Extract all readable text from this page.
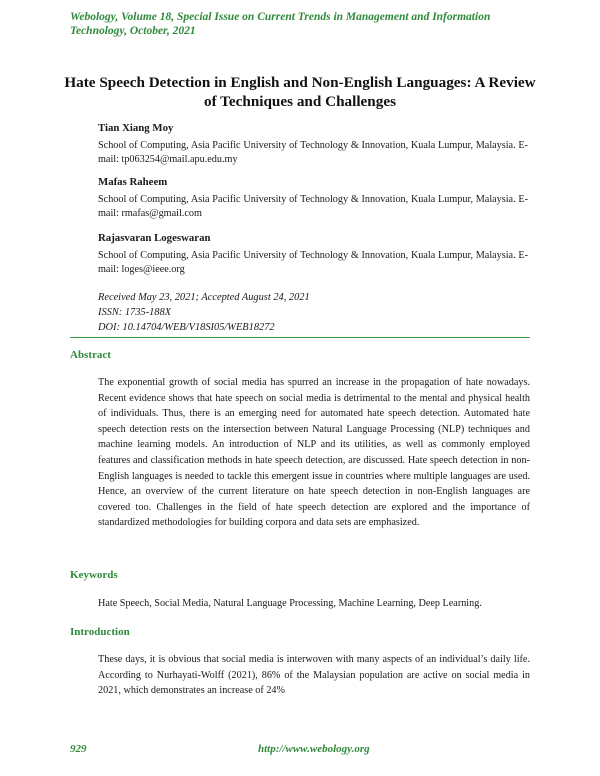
Webology, Volume 18, Special Issue on Current Trends in Management and Information Technology, October, 2021
Hate Speech Detection in English and Non-English Languages: A Review of Techniques and Challenges
Tian Xiang Moy
School of Computing, Asia Pacific University of Technology & Innovation, Kuala Lumpur, Malaysia. E-mail: tp063254@mail.apu.edu.my
Mafas Raheem
School of Computing, Asia Pacific University of Technology & Innovation, Kuala Lumpur, Malaysia. E-mail: rmafas@gmail.com
Rajasvaran Logeswaran
School of Computing, Asia Pacific University of Technology & Innovation, Kuala Lumpur, Malaysia. E-mail: loges@ieee.org
Received May 23, 2021; Accepted August 24, 2021
ISSN: 1735-188X
DOI: 10.14704/WEB/V18SI05/WEB18272
Abstract
The exponential growth of social media has spurred an increase in the propagation of hate nowadays. Recent evidence shows that hate speech on social media is detrimental to the mental and physical health of individuals. Thus, there is an emerging need for automated hate speech detection. Automated hate speech detection rests on the intersection between Natural Language Processing (NLP) techniques and machine learning models. An introduction of NLP and its utilities, as well as commonly employed features and classification methods in hate speech detection, are discussed. Hate speech detection in non-English languages is needed to tackle this emergent issue in countries where multiple languages are used. Hence, an overview of the current literature on hate speech detection in non-English languages are covered too. Challenges in the field of hate speech detection are explored and the importance of standardized methodologies for building corpora and data sets are emphasized.
Keywords
Hate Speech, Social Media, Natural Language Processing, Machine Learning, Deep Learning.
Introduction
These days, it is obvious that social media is interwoven with many aspects of an individual’s daily life. According to Nurhayati-Wolff (2021), 86% of the Malaysian population are active on social media in 2021, which demonstrates an increase of 24%
929	http://www.webology.org
